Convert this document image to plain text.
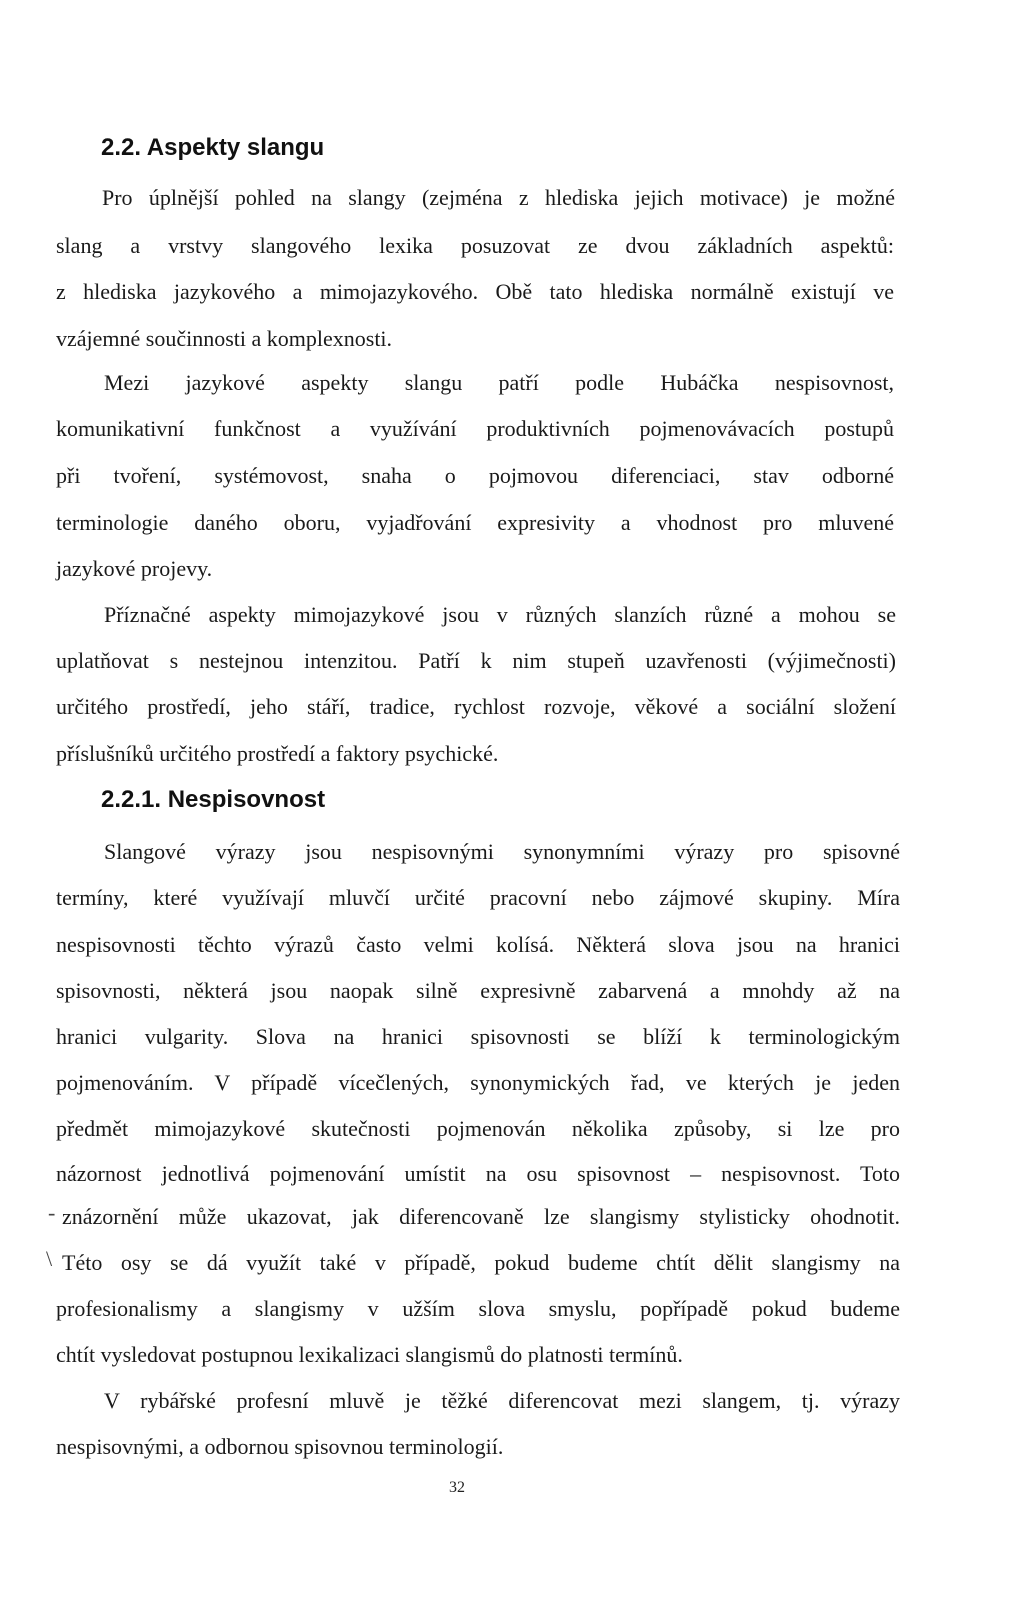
2.2. Aspekty slangu
Pro úplnější pohled na slangy (zejména z hlediska jejich motivace) je možné
slang a vrstvy slangového lexika posuzovat ze dvou základních aspektů:
z hlediska jazykového a mimojazykového. Obě tato hlediska normálně existují ve
vzájemné součinnosti a komplexnosti.
Mezi jazykové aspekty slangu patří podle Hubáčka nespisovnost,
komunikativní funkčnost a využívání produktivních pojmenovávacích postupů
při tvoření, systémovost, snaha o pojmovou diferenciaci, stav odborné
terminologie daného oboru, vyjadřování expresivity a vhodnost pro mluvené
jazykové projevy.
Příznačné aspekty mimojazykové jsou v různých slanzích různé a mohou se
uplatňovat s nestejnou intenzitou. Patří k nim stupeň uzavřenosti (výjimečnosti)
určitého prostředí, jeho stáří, tradice, rychlost rozvoje, věkové a sociální složení
příslušníků určitého prostředí a faktory psychické.
2.2.1. Nespisovnost
Slangové výrazy jsou nespisovnými synonymními výrazy pro spisovné
termíny, které využívají mluvčí určité pracovní nebo zájmové skupiny. Míra
nespisovnosti těchto výrazů často velmi kolísá. Některá slova jsou na hranici
spisovnosti, některá jsou naopak silně expresivně zabarvená a mnohdy až na
hranici vulgarity. Slova na hranici spisovnosti se blíží k terminologickým
pojmenováním. V případě vícečlených, synonymických řad, ve kterých je jeden
předmět mimojazykové skutečnosti pojmenován několika způsoby, si lze pro
názornost jednotlivá pojmenování umístit na osu spisovnost – nespisovnost. Toto
znázornění může ukazovat, jak diferencovaně lze slangismy stylisticky ohodnotit.
Této osy se dá využít také v případě, pokud budeme chtít dělit slangismy na
profesionalismy a slangismy v užším slova smyslu, popřípadě pokud budeme
chtít vysledovat postupnou lexikalizaci slangismů do platnosti termínů.
V rybářské profesní mluvě je těžké diferencovat mezi slangem, tj. výrazy
nespisovnými, a odbornou spisovnou terminologií.
-
\
32
